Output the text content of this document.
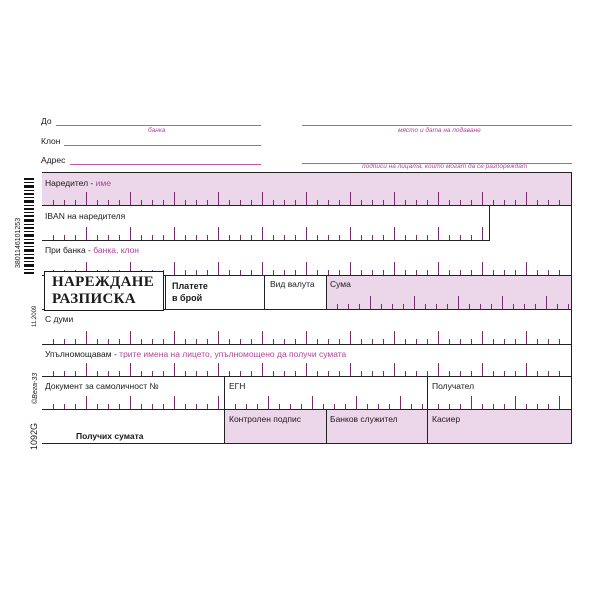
До
банка	място и дата на подаване
Клон
Адрес
подписи на лицата, които могат да се разпореждат
НАРЕЖДАНЕ
РАЗПИСКА
Наредител - име
IBAN на наредителя
При банка - банка, клон
Платете
в брой
Вид валута Сума
С думи
Упълномощавам - трите имена на лицето, упълномощено да получи сумата
Документ за самоличност №	ЕГН	Получател
Получих сумата
Контролен подпис	Банков служител	Касиер
3801146101253
11.2009
©Вега-33
1092G
